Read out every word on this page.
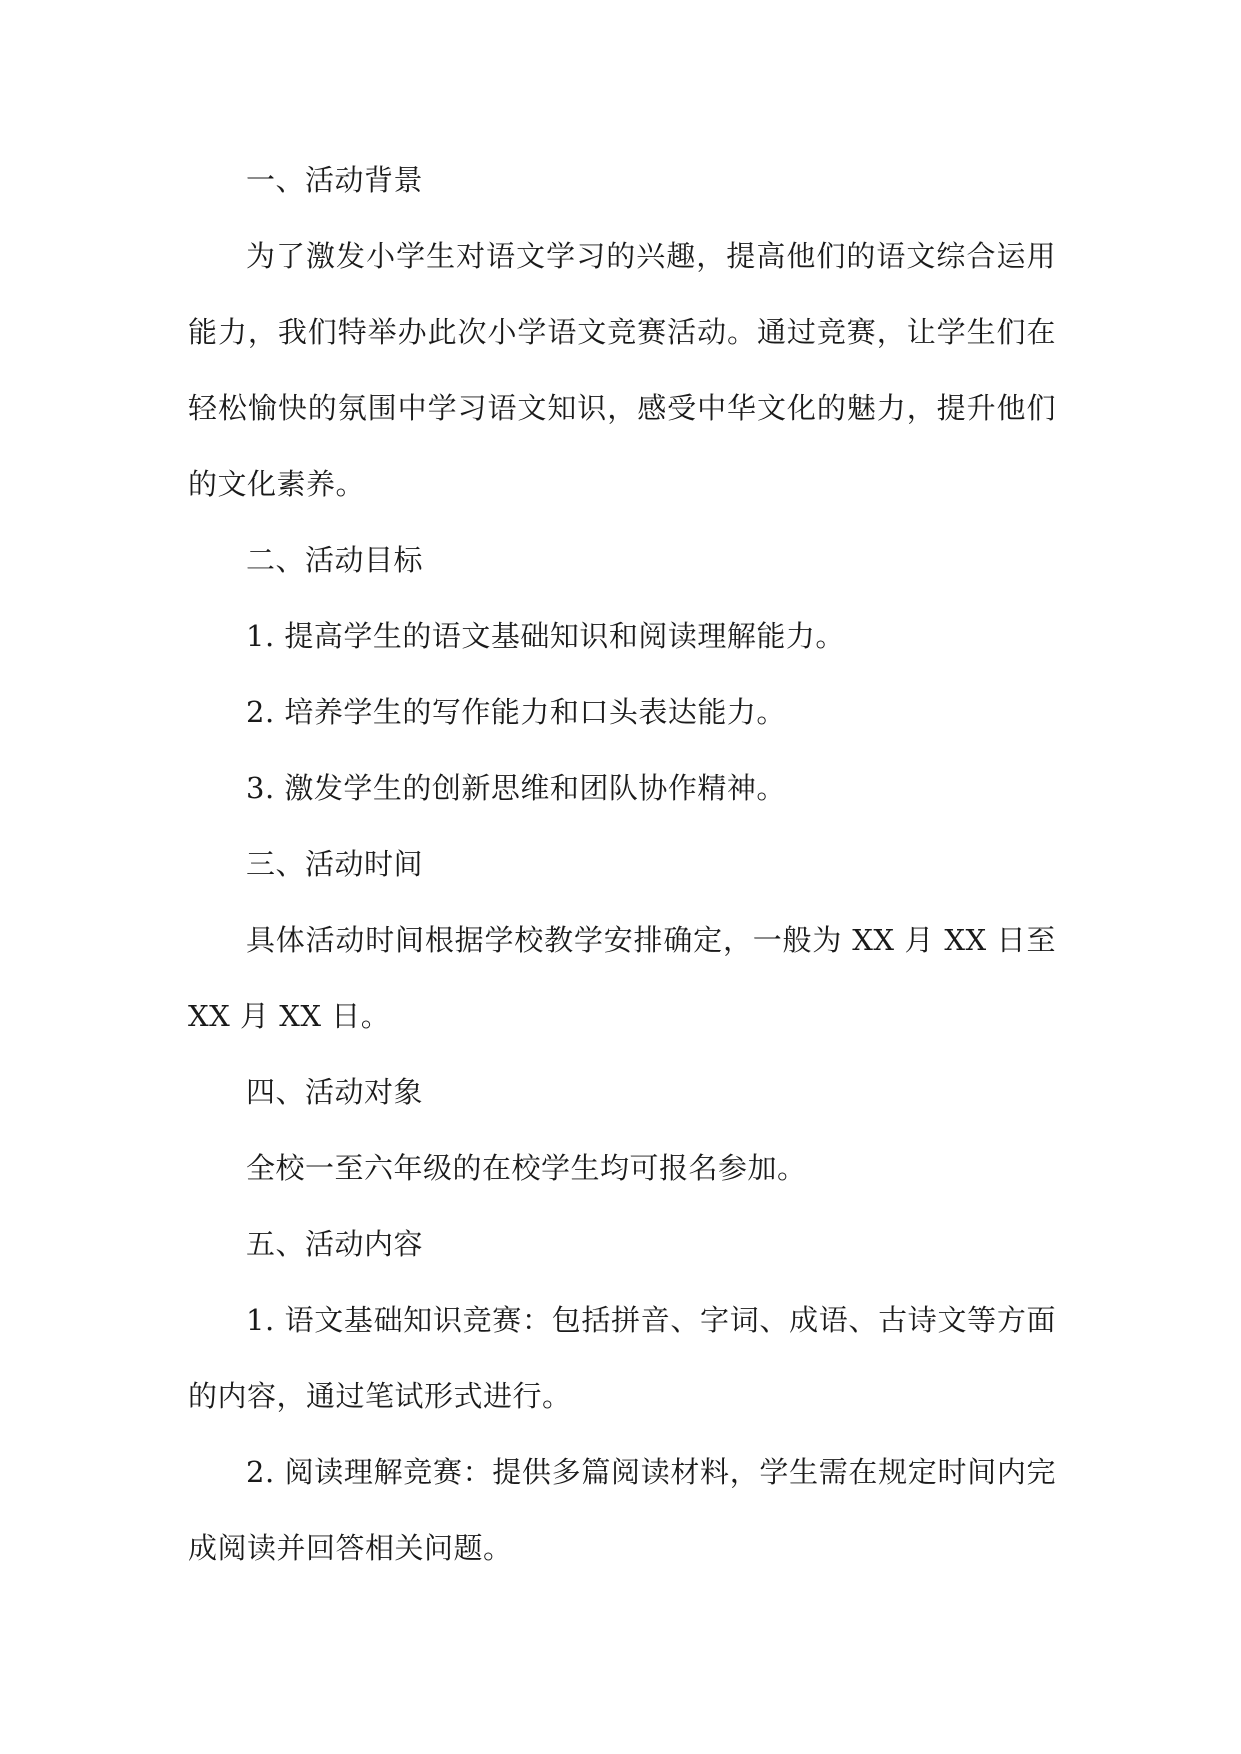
一、活动背景

为了激发小学生对语文学习的兴趣，提高他们的语文综合运用能力，我们特举办此次小学语文竞赛活动。通过竞赛，让学生们在轻松愉快的氛围中学习语文知识，感受中华文化的魅力，提升他们的文化素养。

二、活动目标

1. 提高学生的语文基础知识和阅读理解能力。

2. 培养学生的写作能力和口头表达能力。

3. 激发学生的创新思维和团队协作精神。

三、活动时间

具体活动时间根据学校教学安排确定，一般为 XX 月 XX 日至 XX 月 XX 日。

四、活动对象

全校一至六年级的在校学生均可报名参加。

五、活动内容

1. 语文基础知识竞赛：包括拼音、字词、成语、古诗文等方面的内容，通过笔试形式进行。

2. 阅读理解竞赛：提供多篇阅读材料，学生需在规定时间内完成阅读并回答相关问题。
